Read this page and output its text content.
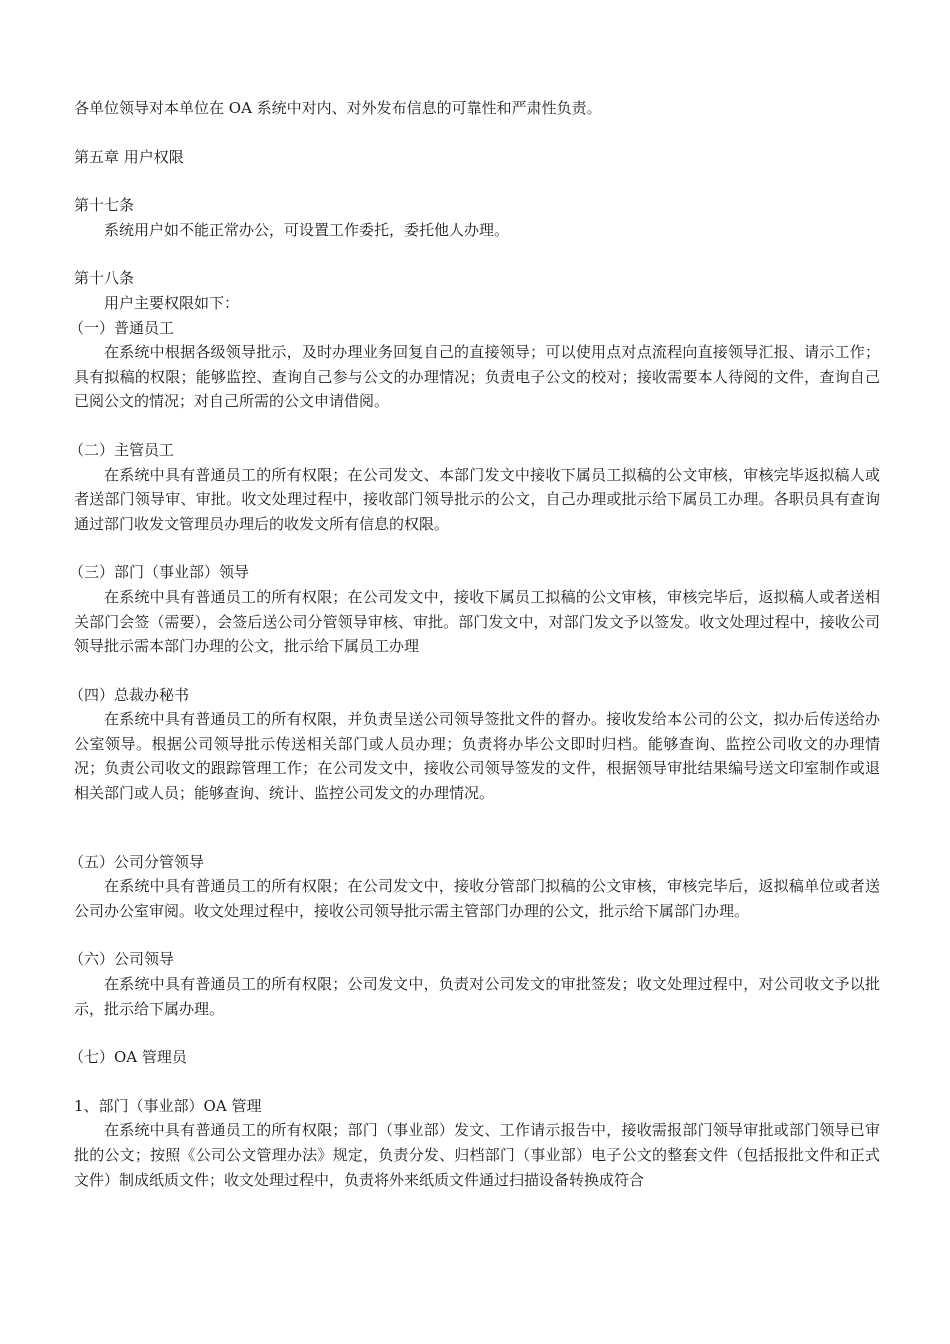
各单位领导对本单位在 OA 系统中对内、对外发布信息的可靠性和严肃性负责。

第五章 用户权限

第十七条

系统用户如不能正常办公，可设置工作委托，委托他人办理。

第十八条

用户主要权限如下：

（一）普通员工

在系统中根据各级领导批示，及时办理业务回复自己的直接领导；可以使用点对点流程向直接领导汇报、请示工作；具有拟稿的权限；能够监控、查询自己参与公文的办理情况；负责电子公文的校对；接收需要本人待阅的文件，查询自己已阅公文的情况；对自己所需的公文申请借阅。

（二）主管员工

在系统中具有普通员工的所有权限；在公司发文、本部门发文中接收下属员工拟稿的公文审核，审核完毕返拟稿人或者送部门领导审、审批。收文处理过程中，接收部门领导批示的公文，自己办理或批示给下属员工办理。各职员具有查询通过部门收发文管理员办理后的收发文所有信息的权限。

（三）部门（事业部）领导

在系统中具有普通员工的所有权限；在公司发文中，接收下属员工拟稿的公文审核，审核完毕后，返拟稿人或者送相关部门会签（需要），会签后送公司分管领导审核、审批。部门发文中，对部门发文予以签发。收文处理过程中，接收公司领导批示需本部门办理的公文，批示给下属员工办理

（四）总裁办秘书

在系统中具有普通员工的所有权限，并负责呈送公司领导签批文件的督办。接收发给本公司的公文，拟办后传送给办公室领导。根据公司领导批示传送相关部门或人员办理；负责将办毕公文即时归档。能够查询、监控公司收文的办理情况；负责公司收文的跟踪管理工作；在公司发文中，接收公司领导签发的文件，根据领导审批结果编号送文印室制作或退相关部门或人员；能够查询、统计、监控公司发文的办理情况。

（五）公司分管领导

在系统中具有普通员工的所有权限；在公司发文中，接收分管部门拟稿的公文审核，审核完毕后，返拟稿单位或者送公司办公室审阅。收文处理过程中，接收公司领导批示需主管部门办理的公文，批示给下属部门办理。

（六）公司领导

在系统中具有普通员工的所有权限；公司发文中，负责对公司发文的审批签发；收文处理过程中，对公司收文予以批示，批示给下属办理。

（七）OA 管理员

1、部门（事业部）OA 管理

在系统中具有普通员工的所有权限；部门（事业部）发文、工作请示报告中，接收需报部门领导审批或部门领导已审批的公文；按照《公司公文管理办法》规定，负责分发、归档部门（事业部）电子公文的整套文件（包括报批文件和正式文件）制成纸质文件；收文处理过程中，负责将外来纸质文件通过扫描设备转换成符合
